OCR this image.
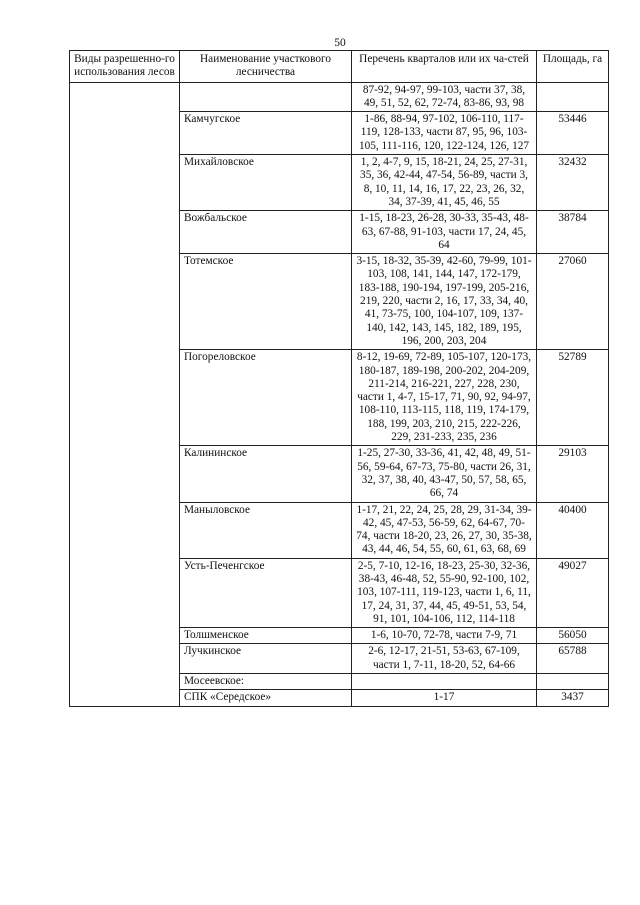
50
Виды разрешенно-го использования лесов	Наименование участкового лесничества	Перечень кварталов или их ча-стей	Площадь, га
		87-92, 94-97, 99-103, части 37, 38, 49, 51, 52, 62, 72-74, 83-86, 93, 98	
	Камчугское	1-86, 88-94, 97-102, 106-110, 117-119, 128-133, части 87, 95, 96, 103-105, 111-116, 120, 122-124, 126, 127	53446
	Михайловское	1, 2, 4-7, 9, 15, 18-21, 24, 25, 27-31, 35, 36, 42-44, 47-54, 56-89, части 3, 8, 10, 11, 14, 16, 17, 22, 23, 26, 32, 34, 37-39, 41, 45, 46, 55	32432
	Вожбальское	1-15, 18-23, 26-28, 30-33, 35-43, 48-63, 67-88, 91-103, части 17, 24, 45, 64	38784
	Тотемское	3-15, 18-32, 35-39, 42-60, 79-99, 101-103, 108, 141, 144, 147, 172-179, 183-188, 190-194, 197-199, 205-216, 219, 220, части 2, 16, 17, 33, 34, 40, 41, 73-75, 100, 104-107, 109, 137-140, 142, 143, 145, 182, 189, 195, 196, 200, 203, 204	27060
	Погореловское	8-12, 19-69, 72-89, 105-107, 120-173, 180-187, 189-198, 200-202, 204-209, 211-214, 216-221, 227, 228, 230, части 1, 4-7, 15-17, 71, 90, 92, 94-97, 108-110, 113-115, 118, 119, 174-179, 188, 199, 203, 210, 215, 222-226, 229, 231-233, 235, 236	52789
	Калининское	1-25, 27-30, 33-36, 41, 42, 48, 49, 51-56, 59-64, 67-73, 75-80, части 26, 31, 32, 37, 38, 40, 43-47, 50, 57, 58, 65, 66, 74	29103
	Маныловское	1-17, 21, 22, 24, 25, 28, 29, 31-34, 39-42, 45, 47-53, 56-59, 62, 64-67, 70-74, части 18-20, 23, 26, 27, 30, 35-38, 43, 44, 46, 54, 55, 60, 61, 63, 68, 69	40400
	Усть-Печенгское	2-5, 7-10, 12-16, 18-23, 25-30, 32-36, 38-43, 46-48, 52, 55-90, 92-100, 102, 103, 107-111, 119-123, части 1, 6, 11, 17, 24, 31, 37, 44, 45, 49-51, 53, 54, 91, 101, 104-106, 112, 114-118	49027
	Толшменское	1-6, 10-70, 72-78, части 7-9, 71	56050
	Лучкинское	2-6, 12-17, 21-51, 53-63, 67-109, части 1, 7-11, 18-20, 52, 64-66	65788
	Мосеевское:		
	СПК «Середское»	1-17	3437
